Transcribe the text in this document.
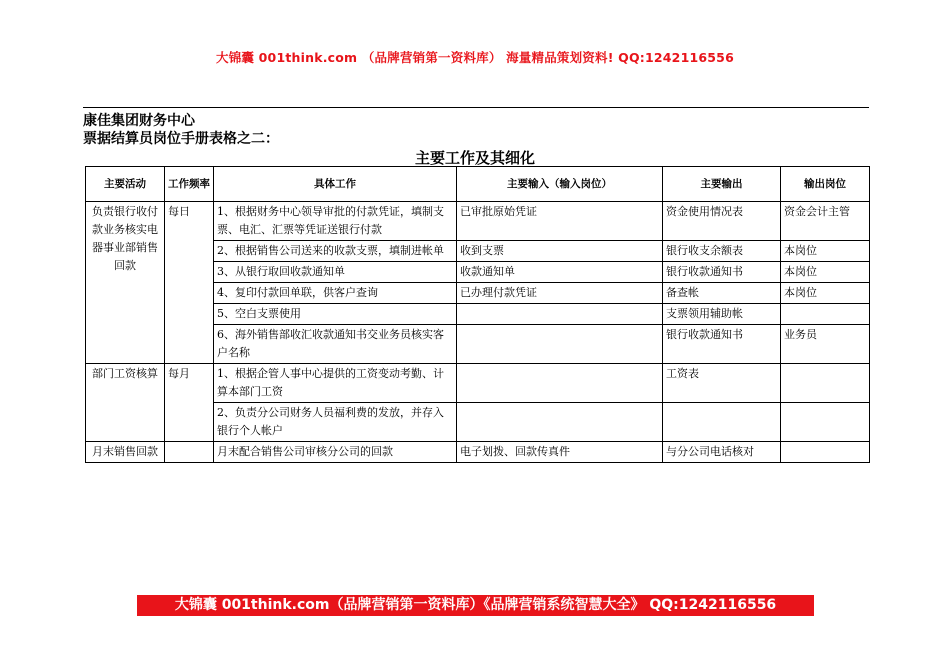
大锦囊 001think.com （品牌营销第一资料库） 海量精品策划资料! QQ:1242116556
康佳集团财务中心
票据结算员岗位手册表格之二：
主要工作及其细化
主要活动	工作频率	具体工作	主要输入（输入岗位）	主要输出	输出岗位
负责银行收付款业务核实电器事业部销售回款	每日	1、根据财务中心领导审批的付款凭证，填制支票、电汇、汇票等凭证送银行付款	已审批原始凭证	资金使用情况表	资金会计主管
		2、根据销售公司送来的收款支票，填制进帐单	收到支票	银行收支余额表	本岗位
		3、从银行取回收款通知单	收款通知单	银行收款通知书	本岗位
		4、复印付款回单联，供客户查询	已办理付款凭证	备查帐	本岗位
		5、空白支票使用		支票领用辅助帐	
		6、海外销售部收汇收款通知书交业务员核实客户名称		银行收款通知书	业务员
部门工资核算	每月	1、根据企管人事中心提供的工资变动考勤、计算本部门工资		工资表	
		2、负责分公司财务人员福利费的发放，并存入银行个人帐户			
月末销售回款		月末配合销售公司审核分公司的回款	电子划拨、回款传真件	与分公司电话核对	
大锦囊 001think.com（品牌营销第一资料库）《品牌营销系统智慧大全》 QQ:1242116556
